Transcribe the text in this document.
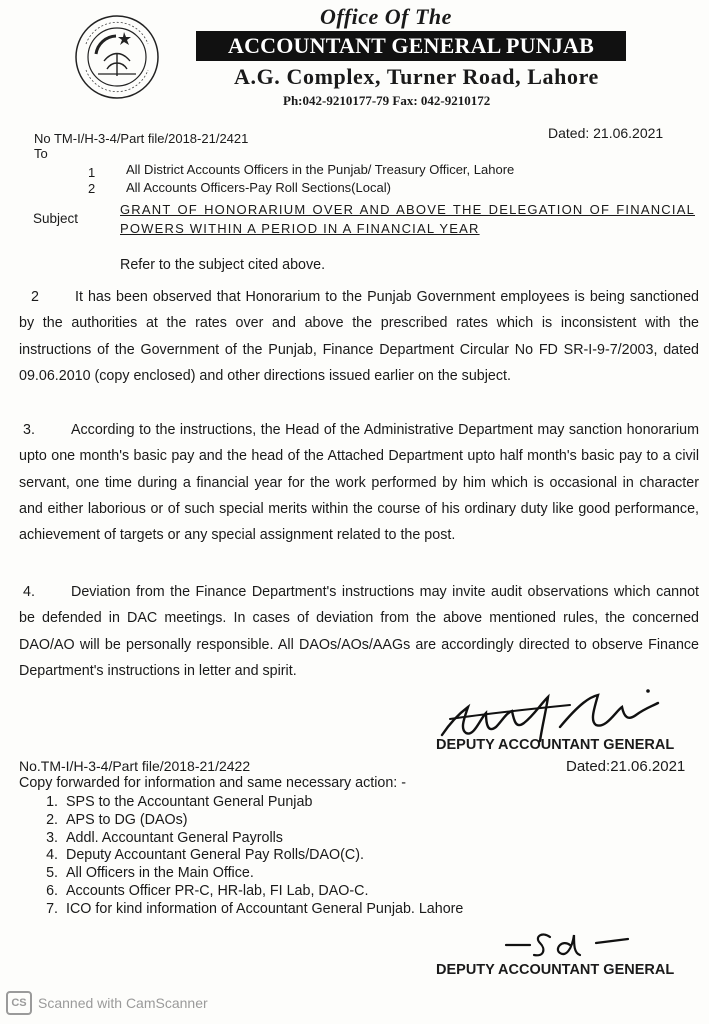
Office Of The
ACCOUNTANT GENERAL PUNJAB
A.G. Complex, Turner Road, Lahore
Ph:042-9210177-79 Fax: 042-9210172
No TM-I/H-3-4/Part file/2018-21/2421	Dated: 21.06.2021
To
1 All District Accounts Officers in the Punjab/ Treasury Officer, Lahore
2 All Accounts Officers-Pay Roll Sections(Local)
Subject
GRANT OF HONORARIUM OVER AND ABOVE THE DELEGATION OF FINANCIAL POWERS WITHIN A PERIOD IN A FINANCIAL YEAR
Refer to the subject cited above.
2	It has been observed that Honorarium to the Punjab Government employees is being sanctioned by the authorities at the rates over and above the prescribed rates which is inconsistent with the instructions of the Government of the Punjab, Finance Department Circular No FD SR-I-9-7/2003, dated 09.06.2010 (copy enclosed) and other directions issued earlier on the subject.
3.	According to the instructions, the Head of the Administrative Department may sanction honorarium upto one month's basic pay and the head of the Attached Department upto half month's basic pay to a civil servant, one time during a financial year for the work performed by him which is occasional in character and either laborious or of such special merits within the course of his ordinary duty like good performance, achievement of targets or any special assignment related to the post.
4.	Deviation from the Finance Department's instructions may invite audit observations which cannot be defended in DAC meetings. In cases of deviation from the above mentioned rules, the concerned DAO/AO will be personally responsible. All DAOs/AOs/AAGs are accordingly directed to observe Finance Department's instructions in letter and spirit.
DEPUTY ACCOUNTANT GENERAL
No.TM-I/H-3-4/Part file/2018-21/2422	Dated:21.06.2021
Copy forwarded for information and same necessary action: -
1. SPS to the Accountant General Punjab
2. APS to DG (DAOs)
3. Addl. Accountant General Payrolls
4. Deputy Accountant General Pay Rolls/DAO(C).
5. All Officers in the Main Office.
6. Accounts Officer PR-C, HR-lab, FI Lab, DAO-C.
7. ICO for kind information of Accountant General Punjab. Lahore
DEPUTY ACCOUNTANT GENERAL
CS Scanned with CamScanner
